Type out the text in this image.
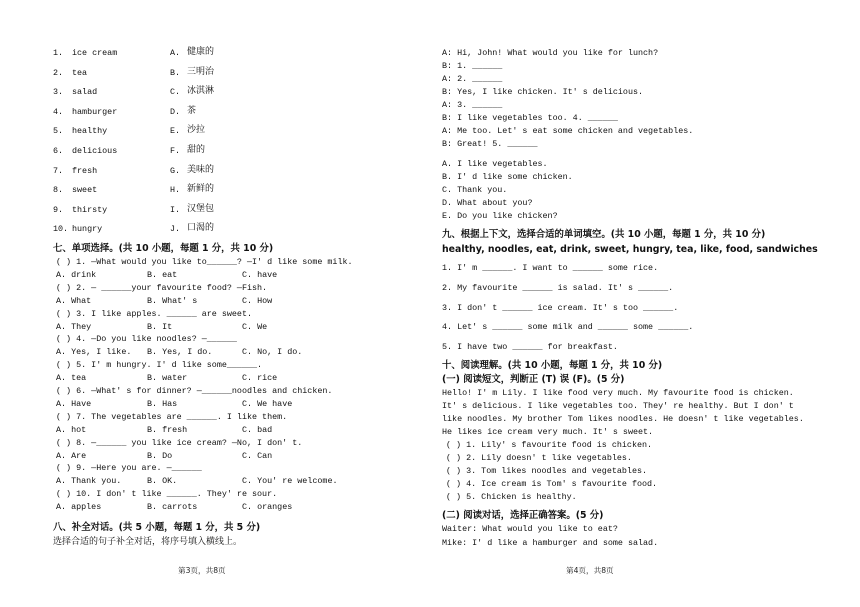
1. ice cream	A. 健康的
2. tea	B. 三明治
3. salad	C. 冰淇淋
4. hamburger	D. 茶
5. healthy	E. 沙拉
6. delicious	F. 甜的
7. fresh	G. 美味的
8. sweet	H. 新鲜的
9. thirsty	I. 汉堡包
10. hungry	J. 口渴的
七、单项选择。(共 10 小题，每题 1 分，共 10 分)
( ) 1. —What would you like to______? —I' d like some milk.
A. drink	B. eat	C. have
( ) 2. — ______your favourite food? —Fish.
A. What	B. What' s	C. How
( ) 3. I like apples. ______ are sweet.
A. They	B. It	C. We
( ) 4. —Do you like noodles? —______
A. Yes, I like. B. Yes, I do.	C. No, I do.
( ) 5. I' m hungry. I' d like some______.
A. tea	B. water	C. rice
( ) 6. —What' s for dinner? —______noodles and chicken.
A. Have	B. Has	C. We have
( ) 7. The vegetables are ______. I like them.
A. hot	B. fresh	C. bad
( ) 8. —______ you like ice cream? —No, I don' t.
A. Are	B. Do	C. Can
( ) 9. —Here you are. —______
A. Thank you.	B. OK.	C. You' re welcome.
( ) 10. I don' t like ______. They' re sour.
A. apples	B. carrots	C. oranges
八、补全对话。(共 5 小题，每题 1 分，共 5 分)
选择合适的句子补全对话，将序号填入横线上。
第3页，共8页
A: Hi, John! What would you like for lunch?
B: 1. ______
A: 2. ______
B: Yes, I like chicken. It' s delicious.
A: 3. ______
B: I like vegetables too. 4. ______
A: Me too. Let' s eat some chicken and vegetables.
B: Great! 5. ______
A. I like vegetables.
B. I' d like some chicken.
C. Thank you.
D. What about you?
E. Do you like chicken?
九、根据上下文，选择合适的单词填空。(共 10 小题，每题 1 分，共 10 分)
healthy, noodles, eat, drink, sweet, hungry, tea, like, food, sandwiches
1. I' m ______. I want to ______ some rice.
2. My favourite ______ is salad. It' s ______.
3. I don' t ______ ice cream. It' s too ______.
4. Let' s ______ some milk and ______ some ______.
5. I have two ______ for breakfast.
十、阅读理解。(共 10 小题，每题 1 分，共 10 分)
(一) 阅读短文，判断正 (T) 误 (F)。(5 分)
Hello! I' m Lily. I like food very much. My favourite food is chicken.
It' s delicious. I like vegetables too. They' re healthy. But I don' t
like noodles. My brother Tom likes noodles. He doesn' t like vegetables.
He likes ice cream very much. It' s sweet.
( ) 1. Lily' s favourite food is chicken.
( ) 2. Lily doesn' t like vegetables.
( ) 3. Tom likes noodles and vegetables.
( ) 4. Ice cream is Tom' s favourite food.
( ) 5. Chicken is healthy.
(二) 阅读对话，选择正确答案。(5 分)
Waiter: What would you like to eat?
Mike: I' d like a hamburger and some salad.
第4页，共8页
